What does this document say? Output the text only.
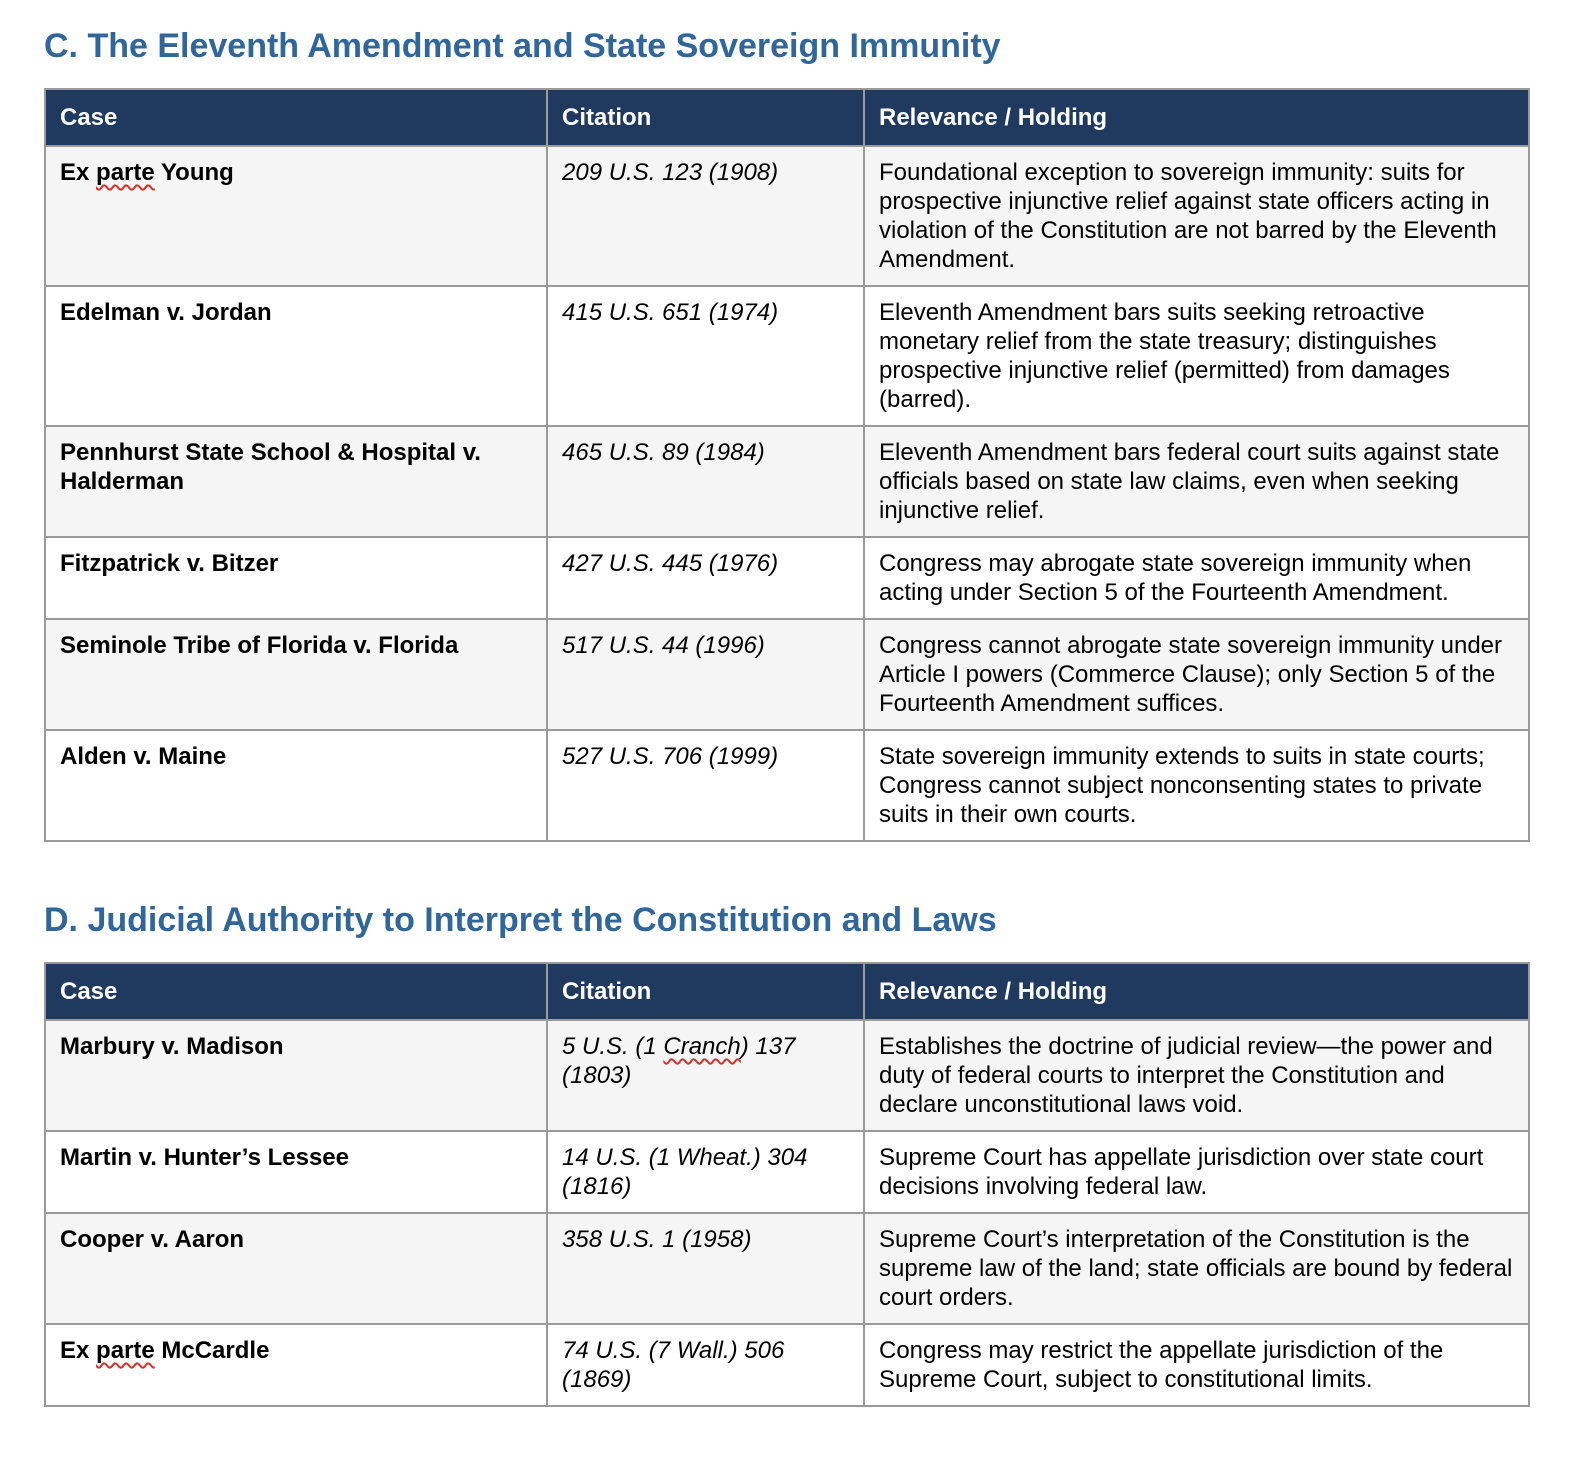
C. The Eleventh Amendment and State Sovereign Immunity
Case	Citation	Relevance / Holding
Ex parte Young	209 U.S. 123 (1908)	Foundational exception to sovereign immunity: suits for prospective injunctive relief against state officers acting in violation of the Constitution are not barred by the Eleventh Amendment.
Edelman v. Jordan	415 U.S. 651 (1974)	Eleventh Amendment bars suits seeking retroactive monetary relief from the state treasury; distinguishes prospective injunctive relief (permitted) from damages (barred).
Pennhurst State School & Hospital v. Halderman	465 U.S. 89 (1984)	Eleventh Amendment bars federal court suits against state officials based on state law claims, even when seeking injunctive relief.
Fitzpatrick v. Bitzer	427 U.S. 445 (1976)	Congress may abrogate state sovereign immunity when acting under Section 5 of the Fourteenth Amendment.
Seminole Tribe of Florida v. Florida	517 U.S. 44 (1996)	Congress cannot abrogate state sovereign immunity under Article I powers (Commerce Clause); only Section 5 of the Fourteenth Amendment suffices.
Alden v. Maine	527 U.S. 706 (1999)	State sovereign immunity extends to suits in state courts; Congress cannot subject nonconsenting states to private suits in their own courts.
D. Judicial Authority to Interpret the Constitution and Laws
Case	Citation	Relevance / Holding
Marbury v. Madison	5 U.S. (1 Cranch) 137 (1803)	Establishes the doctrine of judicial review—the power and duty of federal courts to interpret the Constitution and declare unconstitutional laws void.
Martin v. Hunter’s Lessee	14 U.S. (1 Wheat.) 304 (1816)	Supreme Court has appellate jurisdiction over state court decisions involving federal law.
Cooper v. Aaron	358 U.S. 1 (1958)	Supreme Court’s interpretation of the Constitution is the supreme law of the land; state officials are bound by federal court orders.
Ex parte McCardle	74 U.S. (7 Wall.) 506 (1869)	Congress may restrict the appellate jurisdiction of the Supreme Court, subject to constitutional limits.
